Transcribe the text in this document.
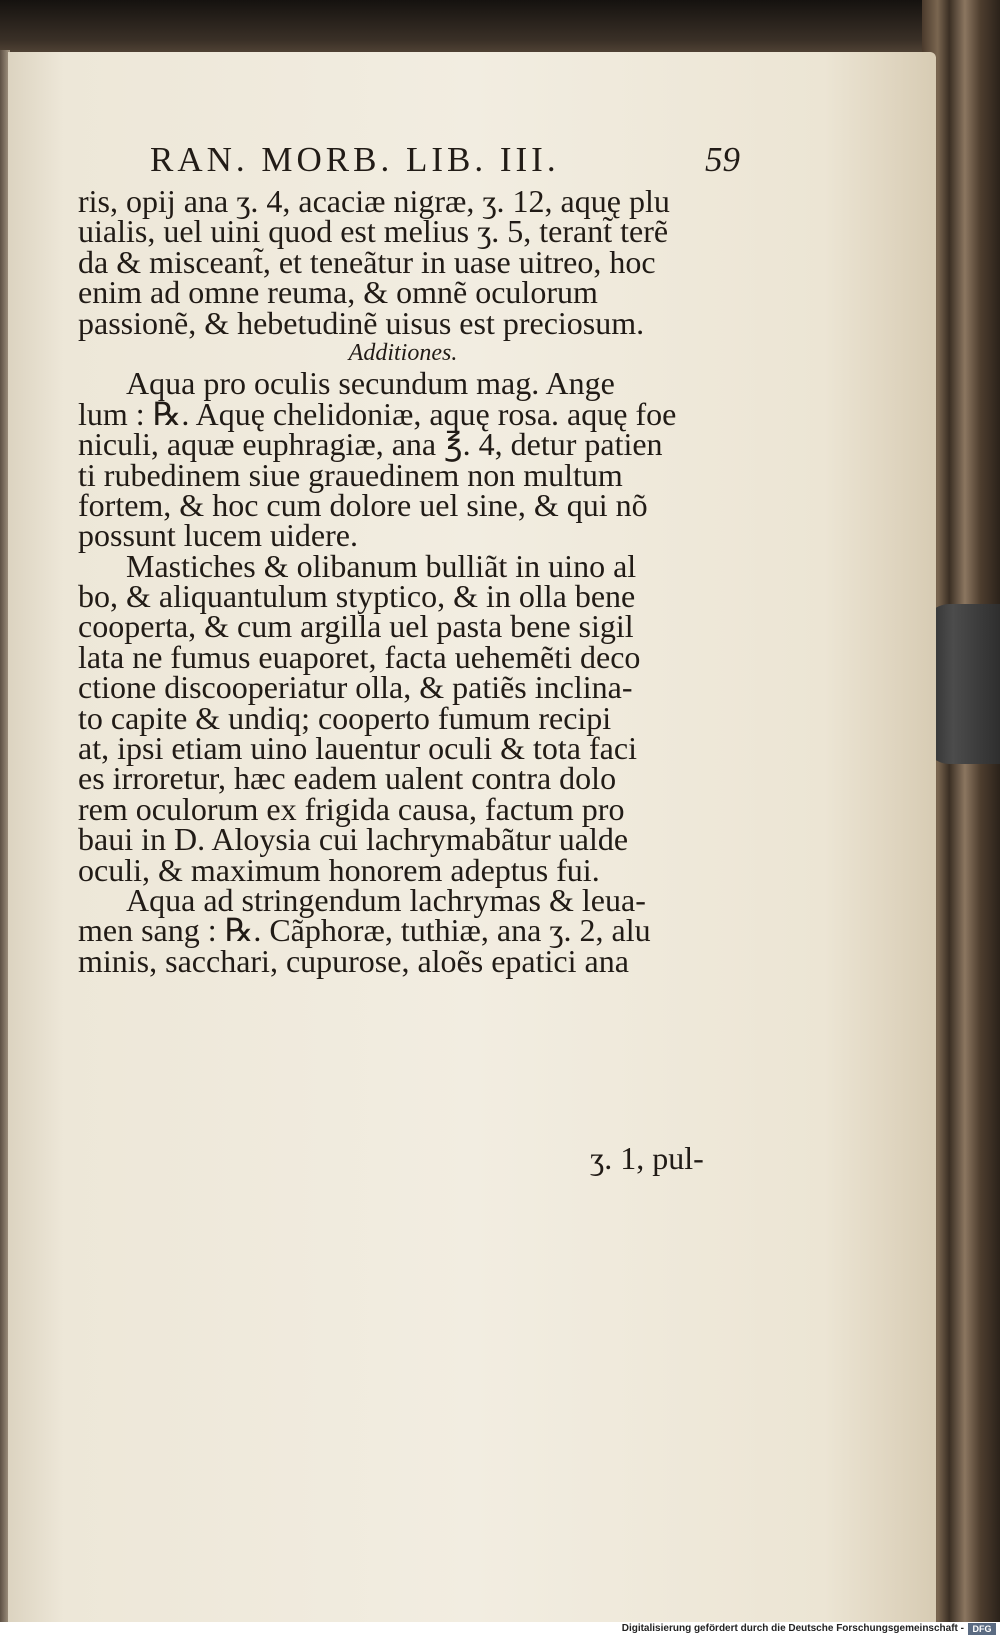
RAN. MORB. LIB. III.	59
ris, opij ana ʒ. 4, acaciæ nigræ, ʒ. 12, aquę plu
uialis, uel uini quod est melius ʒ. 5, terant̃ terẽ
da & misceant̃, et teneãtur in uase uitreo, hoc
enim ad omne reuma, & omnẽ oculorum
passionẽ, & hebetudinẽ uisus est preciosum.
Additiones.
Aqua pro oculis secundum mag. Ange
lum : ℞. Aquę chelidoniæ, aquę rosa. aquę foe
niculi, aquæ euphragiæ, ana ℥. 4, detur patien
ti rubedinem siue grauedinem non multum
fortem, & hoc cum dolore uel sine, & qui nõ
possunt lucem uidere.
Mastiches & olibanum bulliãt in uino al
bo, & aliquantulum styptico, & in olla bene
cooperta, & cum argilla uel pasta bene sigil
lata ne fumus euaporet, facta uehemẽti deco
ctione discooperiatur olla, & patiẽs inclina-
to capite & undiq; cooperto fumum recipi
at, ipsi etiam uino lauentur oculi & tota faci
es irroretur, hæc eadem ualent contra dolo
rem oculorum ex frigida causa, factum pro
baui in D. Aloysia cui lachrymabãtur ualde
oculi, & maximum honorem adeptus fui.
Aqua ad stringendum lachrymas & leua-
men sang : ℞. Cãphoræ, tuthiæ, ana ʒ. 2, alu
minis, sacchari, cupurose, aloẽs epatici ana
ʒ. 1, pul-
Digitalisierung gefördert durch die Deutsche Forschungsgemeinschaft - DFG
